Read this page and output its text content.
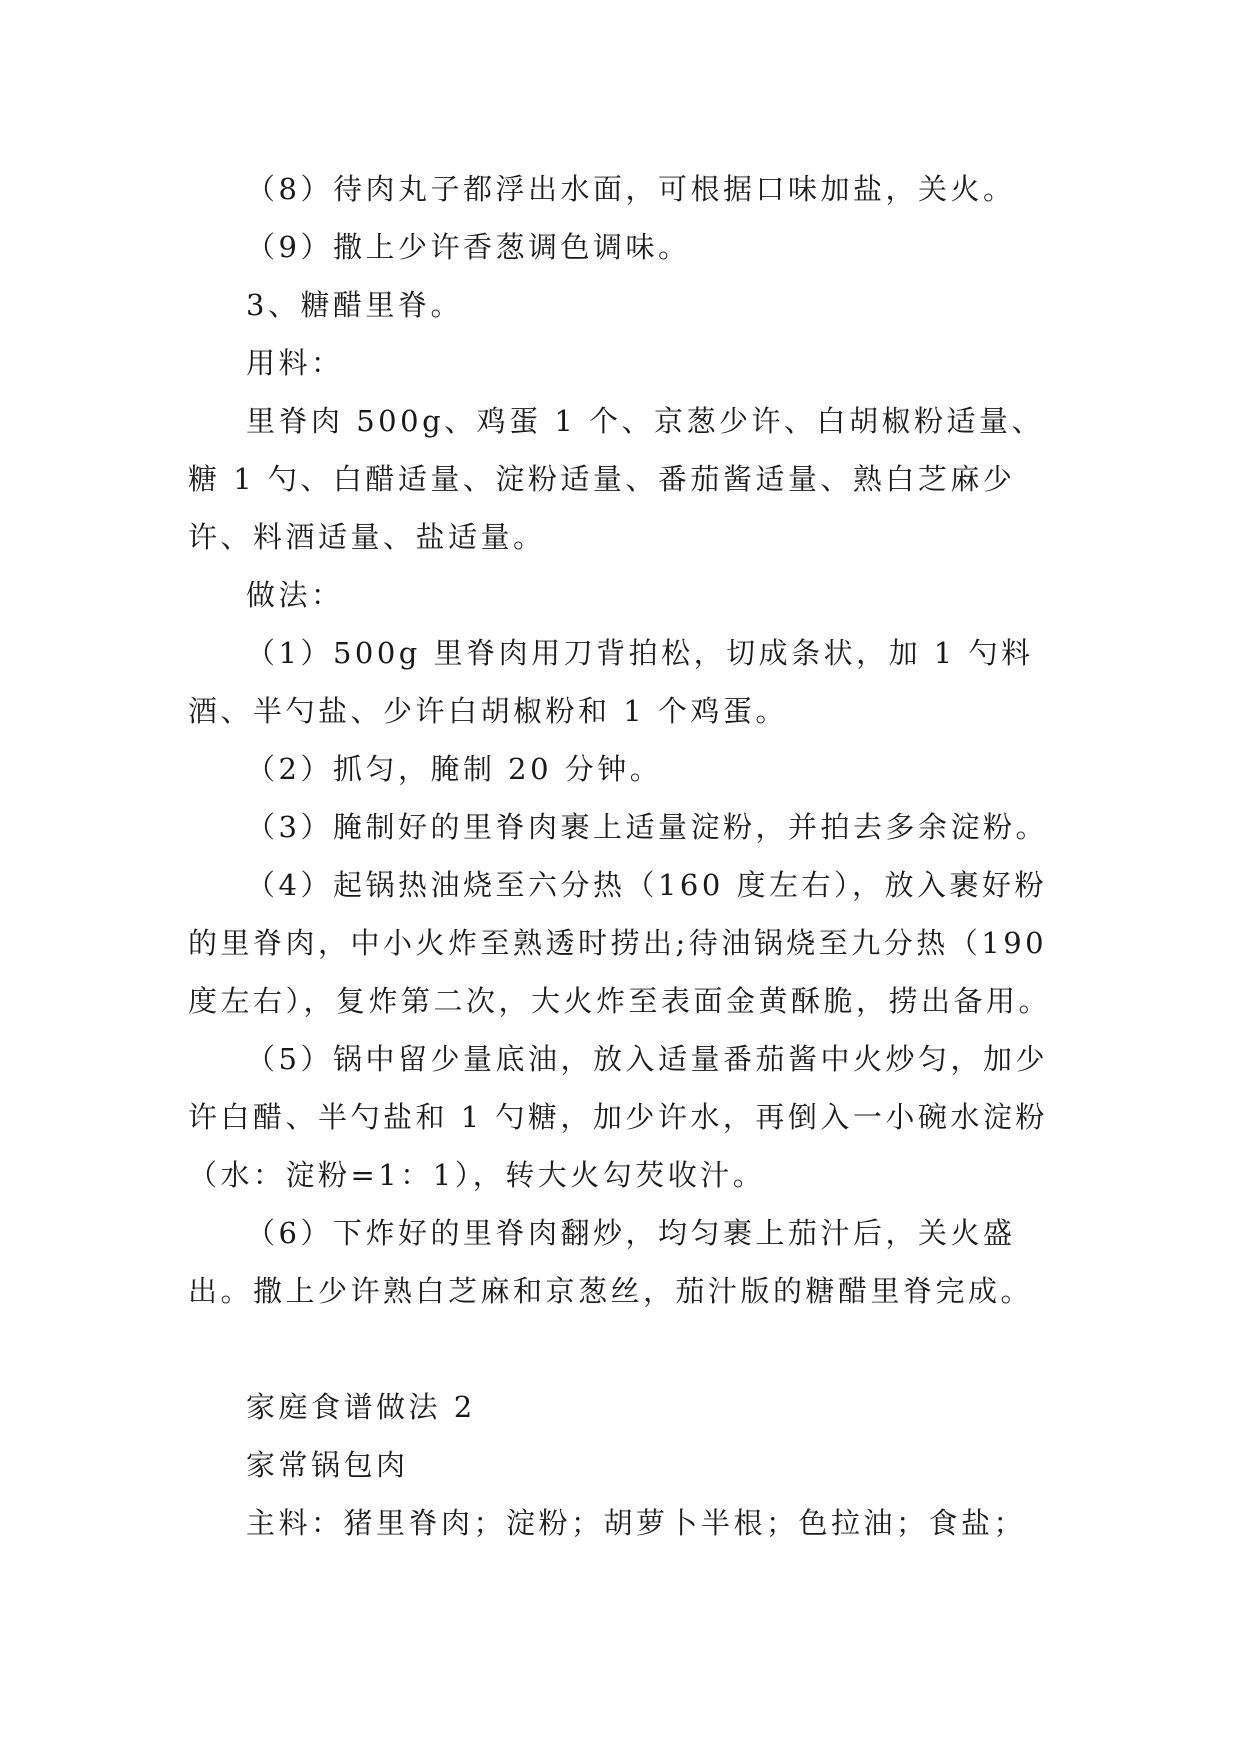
（8）待肉丸子都浮出水面，可根据口味加盐，关火。

（9）撒上少许香葱调色调味。

3、糖醋里脊。

用料：

里脊肉 500g、鸡蛋 1 个、京葱少许、白胡椒粉适量、糖 1 勺、白醋适量、淀粉适量、番茄酱适量、熟白芝麻少许、料酒适量、盐适量。

做法：

（1）500g 里脊肉用刀背拍松，切成条状，加 1 勺料酒、半勺盐、少许白胡椒粉和 1 个鸡蛋。

（2）抓匀，腌制 20 分钟。

（3）腌制好的里脊肉裹上适量淀粉，并拍去多余淀粉。

（4）起锅热油烧至六分热（160 度左右），放入裹好粉的里脊肉，中小火炸至熟透时捞出;待油锅烧至九分热（190 度左右），复炸第二次，大火炸至表面金黄酥脆，捞出备用。

（5）锅中留少量底油，放入适量番茄酱中火炒匀，加少许白醋、半勺盐和 1 勺糖，加少许水，再倒入一小碗水淀粉（水：淀粉=1：1），转大火勾芡收汁。

（6）下炸好的里脊肉翻炒，均匀裹上茄汁后，关火盛出。撒上少许熟白芝麻和京葱丝，茄汁版的糖醋里脊完成。

家庭食谱做法 2

家常锅包肉

主料：猪里脊肉；淀粉；胡萝卜半根；色拉油；食盐；
